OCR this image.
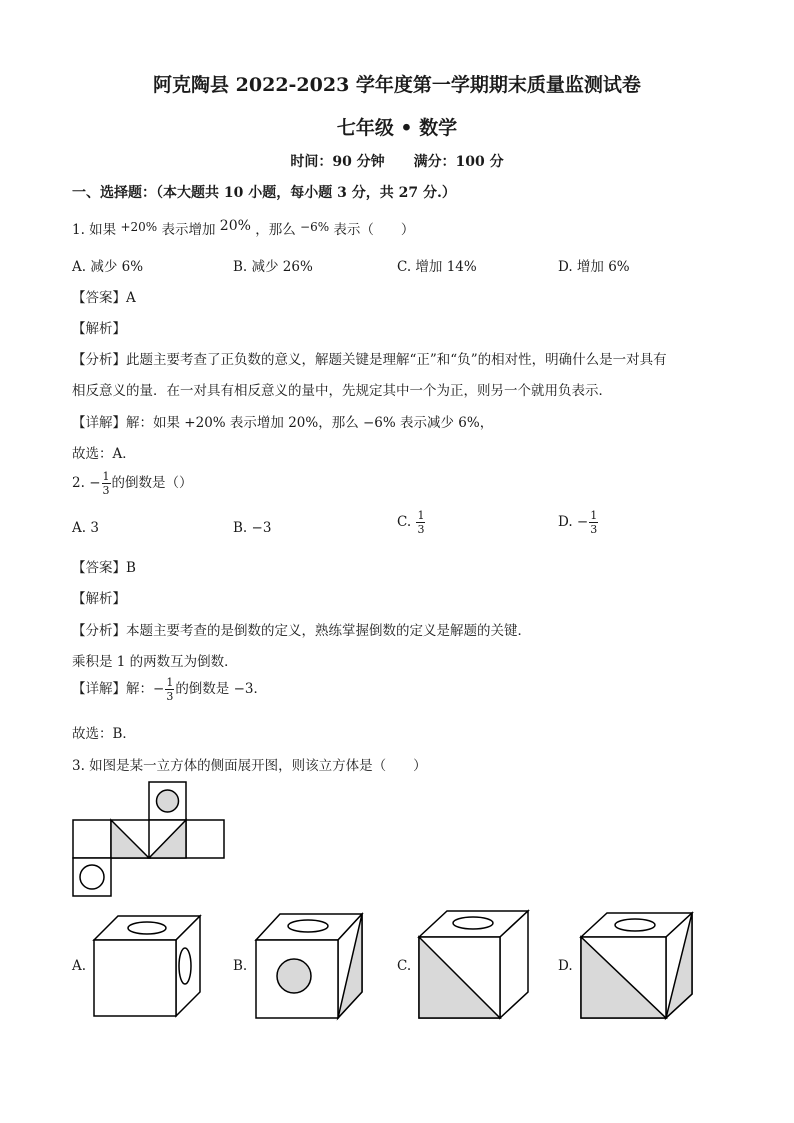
阿克陶县 2022-2023 学年度第一学期期末质量监测试卷
七年级 • 数学
时间：90 分钟 满分：100 分
一、选择题：（本大题共 10 小题，每小题 3 分，共 27 分.）
1. 如果 +20% 表示增加 20% ，那么 −6% 表示（　　）
A. 减少 6%	B. 减少 26%	C. 增加 14%	D. 增加 6%
【答案】A
【解析】
【分析】此题主要考查了正负数的意义，解题关键是理解“正”和“负”的相对性，明确什么是一对具有
相反意义的量．在一对具有相反意义的量中，先规定其中一个为正，则另一个就用负表示．
【详解】解：如果 +20% 表示增加 20%，那么 −6% 表示减少 6%，
故选：A．
2. − $\frac{1}{3}$ 的倒数是（）
A. 3	B. −3	C. $\frac{1}{3}$	D. − $\frac{1}{3}$
【答案】B
【解析】
【分析】本题主要考查的是倒数的定义，熟练掌握倒数的定义是解题的关键．
乘积是 1 的两数互为倒数．
【详解】解：− $\frac{1}{3}$ 的倒数是 −3．
故选：B．
3. 如图是某一立方体的侧面展开图，则该立方体是（　　）
A.	B.	C.	D.
